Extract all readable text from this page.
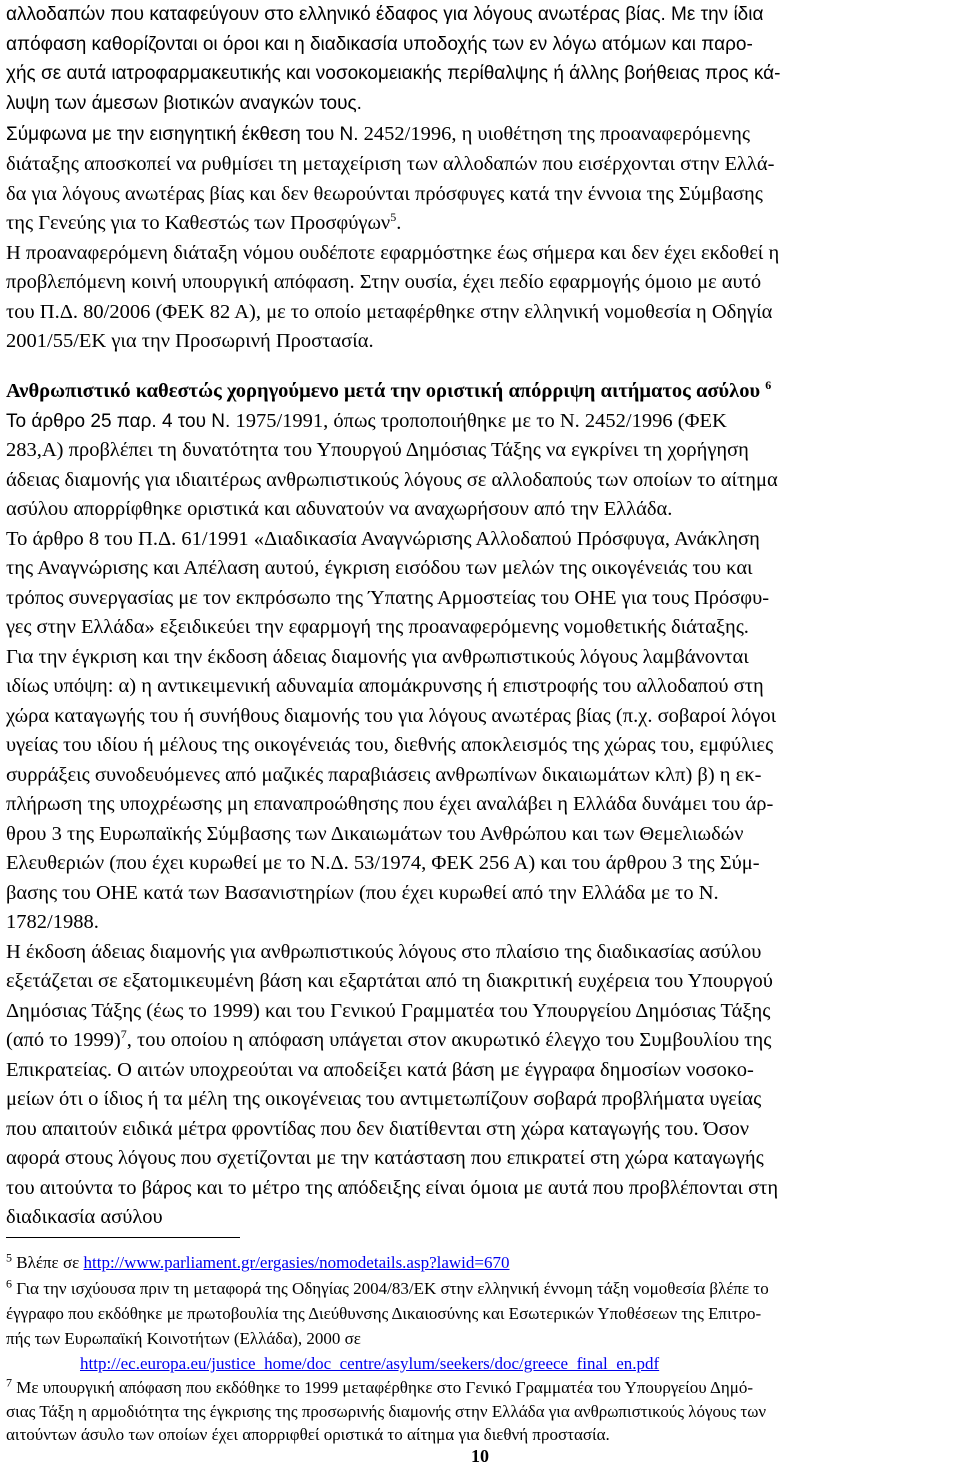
αλλοδαπών που καταφεύγουν στο ελληνικό έδαφος για λόγους ανωτέρας βίας. Με την ίδια
απόφαση καθορίζονται οι όροι και η διαδικασία υποδοχής των εν λόγω ατόμων και παρο-
χής σε αυτά ιατροφαρμακευτικής και νοσοκομειακής περίθαλψης ή άλλης βοήθειας προς κά-
λυψη των άμεσων βιοτικών αναγκών τους.
Σύμφωνα με την εισηγητική έκθεση του Ν. 2452/1996, η υιοθέτηση της προαναφερόμενης
διάταξης αποσκοπεί να ρυθμίσει τη μεταχείριση των αλλοδαπών που εισέρχονται στην Ελλά-
δα για λόγους ανωτέρας βίας και δεν θεωρούνται πρόσφυγες κατά την έννοια της Σύμβασης
της Γενεύης για το Καθεστώς των Προσφύγων$^5$.
Η προαναφερόμενη διάταξη νόμου ουδέποτε εφαρμόστηκε έως σήμερα και δεν έχει εκδοθεί η
προβλεπόμενη κοινή υπουργική απόφαση. Στην ουσία, έχει πεδίο εφαρμογής όμοιο με αυτό
του Π.Δ. 80/2006 (ΦΕΚ 82 Α), με το οποίο μεταφέρθηκε στην ελληνική νομοθεσία η Οδηγία
2001/55/ΕΚ για την Προσωρινή Προστασία.
Ανθρωπιστικό καθεστώς χορηγούμενο μετά την οριστική απόρριψη αιτήματος ασύλου $^6$
Το άρθρο 25 παρ. 4 του Ν. 1975/1991, όπως τροποποιήθηκε με το Ν. 2452/1996 (ΦΕΚ
283,Α) προβλέπει τη δυνατότητα του Υπουργού Δημόσιας Τάξης να εγκρίνει τη χορήγηση
άδειας διαμονής για ιδιαιτέρως ανθρωπιστικούς λόγους σε αλλοδαπούς των οποίων το αίτημα
ασύλου απορρίφθηκε οριστικά και αδυνατούν να αναχωρήσουν από την Ελλάδα.
Το άρθρο 8 του Π.Δ. 61/1991 «Διαδικασία Αναγνώρισης Αλλοδαπού Πρόσφυγα, Ανάκληση
της Αναγνώρισης και Απέλαση αυτού, έγκριση εισόδου των μελών της οικογένειάς του και
τρόπος συνεργασίας με τον εκπρόσωπο της Ύπατης Αρμοστείας του ΟΗΕ για τους Πρόσφυ-
γες στην Ελλάδα» εξειδικεύει την εφαρμογή της προαναφερόμενης νομοθετικής διάταξης.
Για την έγκριση και την έκδοση άδειας διαμονής για ανθρωπιστικούς λόγους λαμβάνονται
ιδίως υπόψη: α) η αντικειμενική αδυναμία απομάκρυνσης ή επιστροφής του αλλοδαπού στη
χώρα καταγωγής του ή συνήθους διαμονής του για λόγους ανωτέρας βίας (π.χ. σοβαροί λόγοι
υγείας του ιδίου ή μέλους της οικογένειάς του, διεθνής αποκλεισμός της χώρας του, εμφύλιες
συρράξεις συνοδευόμενες από μαζικές παραβιάσεις ανθρωπίνων δικαιωμάτων κλπ) β) η εκ-
πλήρωση της υποχρέωσης μη επαναπροώθησης που έχει αναλάβει η Ελλάδα δυνάμει του άρ-
θρου 3 της Ευρωπαϊκής Σύμβασης των Δικαιωμάτων του Ανθρώπου και των Θεμελιωδών
Ελευθεριών (που έχει κυρωθεί με το Ν.Δ. 53/1974, ΦΕΚ 256 Α) και του άρθρου 3 της Σύμ-
βασης του ΟΗΕ κατά των Βασανιστηρίων (που έχει κυρωθεί από την Ελλάδα με το Ν.
1782/1988.
Η έκδοση άδειας διαμονής για ανθρωπιστικούς λόγους στο πλαίσιο της διαδικασίας ασύλου
εξετάζεται σε εξατομικευμένη βάση και εξαρτάται από τη διακριτική ευχέρεια του Υπουργού
Δημόσιας Τάξης (έως το 1999) και του Γενικού Γραμματέα του Υπουργείου Δημόσιας Τάξης
(από το 1999)$^7$, του οποίου η απόφαση υπάγεται στον ακυρωτικό έλεγχο του Συμβουλίου της
Επικρατείας. Ο αιτών υποχρεούται να αποδείξει κατά βάση με έγγραφα δημοσίων νοσοκο-
μείων ότι ο ίδιος ή τα μέλη της οικογένειας του αντιμετωπίζουν σοβαρά προβλήματα υγείας
που απαιτούν ειδικά μέτρα φροντίδας που δεν διατίθενται στη χώρα καταγωγής του. Όσον
αφορά στους λόγους που σχετίζονται με την κατάσταση που επικρατεί στη χώρα καταγωγής
του αιτούντα το βάρος και το μέτρο της απόδειξης είναι όμοια με αυτά που προβλέπονται στη
διαδικασία ασύλου
$^5$ Βλέπε σε http://www.parliament.gr/ergasies/nomodetails.asp?lawid=670
$^6$ Για την ισχύουσα πριν τη μεταφορά της Οδηγίας 2004/83/ΕΚ στην ελληνική έννομη τάξη νομοθεσία βλέπε το
έγγραφο που εκδόθηκε με πρωτοβουλία της Διεύθυνσης Δικαιοσύνης και Εσωτερικών Υποθέσεων της Επιτρο-
πής των Ευρωπαϊκή Κοινοτήτων (Ελλάδα), 2000 σε
http://ec.europa.eu/justice_home/doc_centre/asylum/seekers/doc/greece_final_en.pdf
$^7$ Με υπουργική απόφαση που εκδόθηκε το 1999 μεταφέρθηκε στο Γενικό Γραμματέα του Υπουργείου Δημό-
σιας Τάξη η αρμοδιότητα της έγκρισης της προσωρινής διαμονής στην Ελλάδα για ανθρωπιστικούς λόγους των
αιτούντων άσυλο των οποίων έχει απορριφθεί οριστικά το αίτημα για διεθνή προστασία.
10
